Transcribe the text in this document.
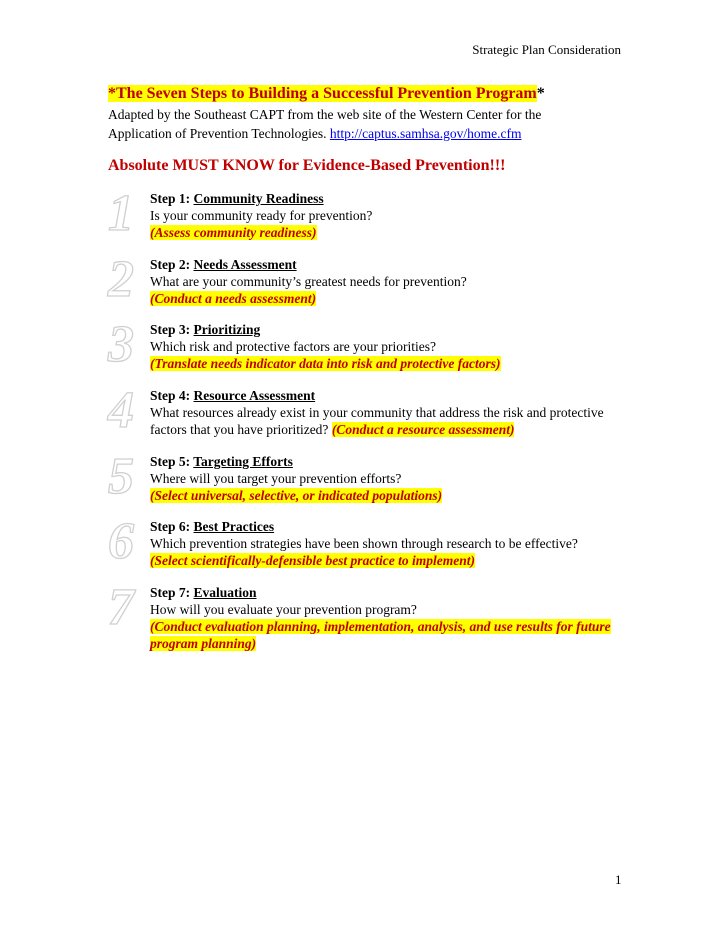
Strategic Plan Consideration
*The Seven Steps to Building a Successful Prevention Program*
Adapted by the Southeast CAPT from the web site of the Western Center for the Application of Prevention Technologies. http://captus.samhsa.gov/home.cfm
Absolute MUST KNOW for Evidence-Based Prevention!!!
1	Step 1: Community Readiness
Is your community ready for prevention?
(Assess community readiness)
2	Step 2: Needs Assessment
What are your community’s greatest needs for prevention?
(Conduct a needs assessment)
3	Step 3: Prioritizing
Which risk and protective factors are your priorities?
(Translate needs indicator data into risk and protective factors)
4	Step 4: Resource Assessment
What resources already exist in your community that address the risk and protective factors that you have prioritized? (Conduct a resource assessment)
5	Step 5: Targeting Efforts
Where will you target your prevention efforts?
(Select universal, selective, or indicated populations)
6	Step 6: Best Practices
Which prevention strategies have been shown through research to be effective?
(Select scientifically-defensible best practice to implement)
7	Step 7: Evaluation
How will you evaluate your prevention program?
(Conduct evaluation planning, implementation, analysis, and use results for future program planning)
1
